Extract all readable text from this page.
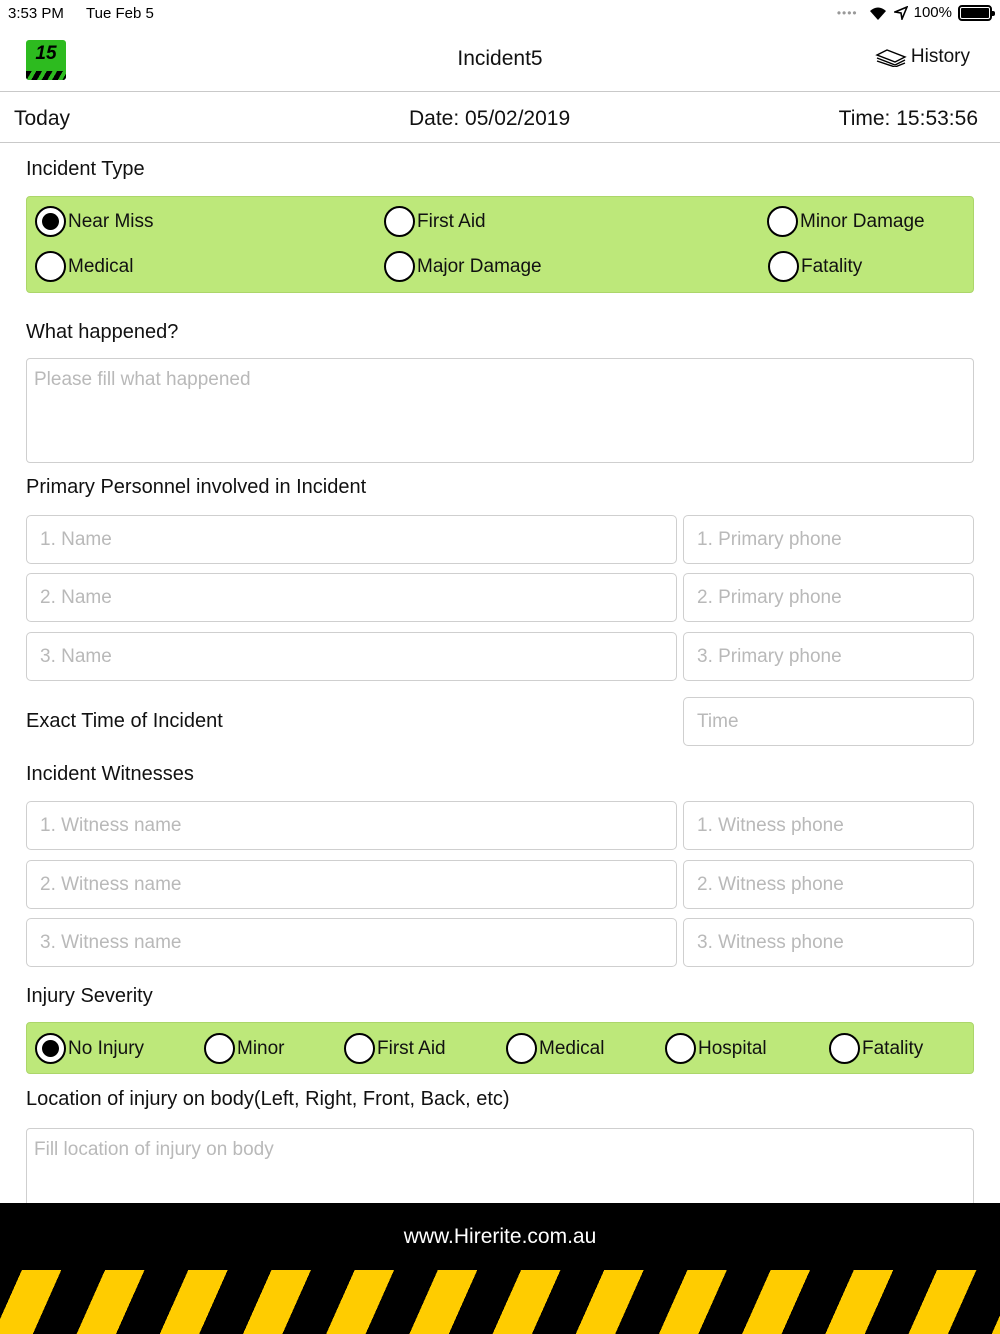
3:53 PM Tue Feb 5	••••	100%
15	Incident5	History
Today	Date: 05/02/2019	Time: 15:53:56
Incident Type
Near Miss	First Aid	Minor Damage
Medical	Major Damage	Fatality
What happened?
Please fill what happened
Primary Personnel involved in Incident
1. Name	1. Primary phone
2. Name	2. Primary phone
3. Name	3. Primary phone
Exact Time of Incident	Time
Incident Witnesses
1. Witness name	1. Witness phone
2. Witness name	2. Witness phone
3. Witness name	3. Witness phone
Injury Severity
No Injury	Minor	First Aid	Medical	Hospital	Fatality
Location of injury on body(Left, Right, Front, Back, etc)
Fill location of injury on body
www.Hirerite.com.au
